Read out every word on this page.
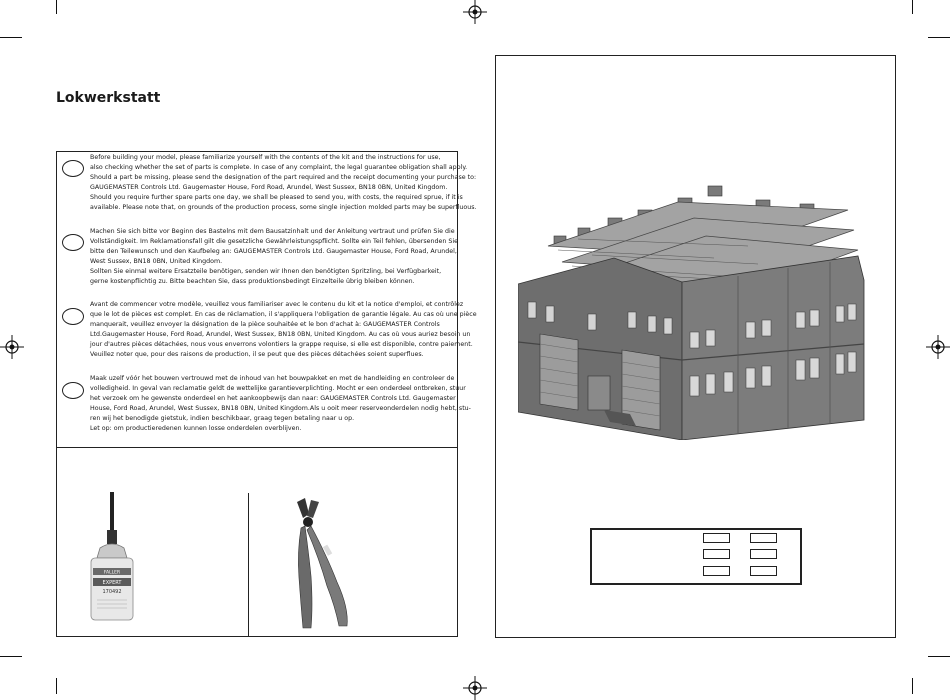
Lokwerkstatt
Before building your model, please familiarize yourself with the contents of the kit and the instructions for use,
also checking whether the set of parts is complete. In case of any complaint, the legal guarantee obligation shall apply.
Should a part be missing, please send the designation of the part required and the receipt documenting your purchase to:
GAUGEMASTER Controls Ltd. Gaugemaster House, Ford Road, Arundel, West Sussex, BN18 0BN, United Kingdom.
Should you require further spare parts one day, we shall be pleased to send you, with costs, the required sprue, if it is
available. Please note that, on grounds of the production process, some single injection molded parts may be superfluous.
Machen Sie sich bitte vor Beginn des Bastelns mit dem Bausatzinhalt und der Anleitung vertraut und prüfen Sie die
Vollständigkeit. Im Reklamationsfall gilt die gesetzliche Gewährleistungspflicht. Sollte ein Teil fehlen, übersenden Sie
bitte den Teilewunsch und den Kaufbeleg an: GAUGEMASTER Controls Ltd. Gaugemaster House, Ford Road, Arundel,
West Sussex, BN18 0BN, United Kingdom.
Sollten Sie einmal weitere Ersatzteile benötigen, senden wir Ihnen den benötigten Spritzling, bei Verfügbarkeit,
gerne kostenpflichtig zu. Bitte beachten Sie, dass produktionsbedingt Einzelteile übrig bleiben können.
Avant de commencer votre modèle, veuillez vous familiariser avec le contenu du kit et la notice d'emploi, et contrôlez
que le lot de pièces est complet. En cas de réclamation, il s'appliquera l'obligation de garantie légale. Au cas où une pièce
manquerait, veuillez envoyer la désignation de la pièce souhaitée et le bon d'achat à: GAUGEMASTER Controls
Ltd.Gaugemaster House, Ford Road, Arundel, West Sussex, BN18 0BN, United Kingdom. Au cas où vous auriez besoin un
jour d'autres pièces détachées, nous vous enverrons volontiers la grappe requise, si elle est disponible, contre paiement.
Veuillez noter que, pour des raisons de production, il se peut que des pièces détachées soient superflues.
Maak uzelf vóór het bouwen vertrouwd met de inhoud van het bouwpakket en met de handleiding en controleer de
volledigheid. In geval van reclamatie geldt de wettelijke garantieverplichting. Mocht er een onderdeel ontbreken, stuur
het verzoek om he gewenste onderdeel en het aankoopbewijs dan naar: GAUGEMASTER Controls Ltd. Gaugemaster
House, Ford Road, Arundel, West Sussex, BN18 0BN, United Kingdom.Als u ooit meer reserveonderdelen nodig hebt, stu-
ren wij het benodigde gietstuk, indien beschikbaar, graag tegen betaling naar u op.
Let op: om productieredenen kunnen losse onderdelen overblijven.
FALLER
EXPERT
170492
